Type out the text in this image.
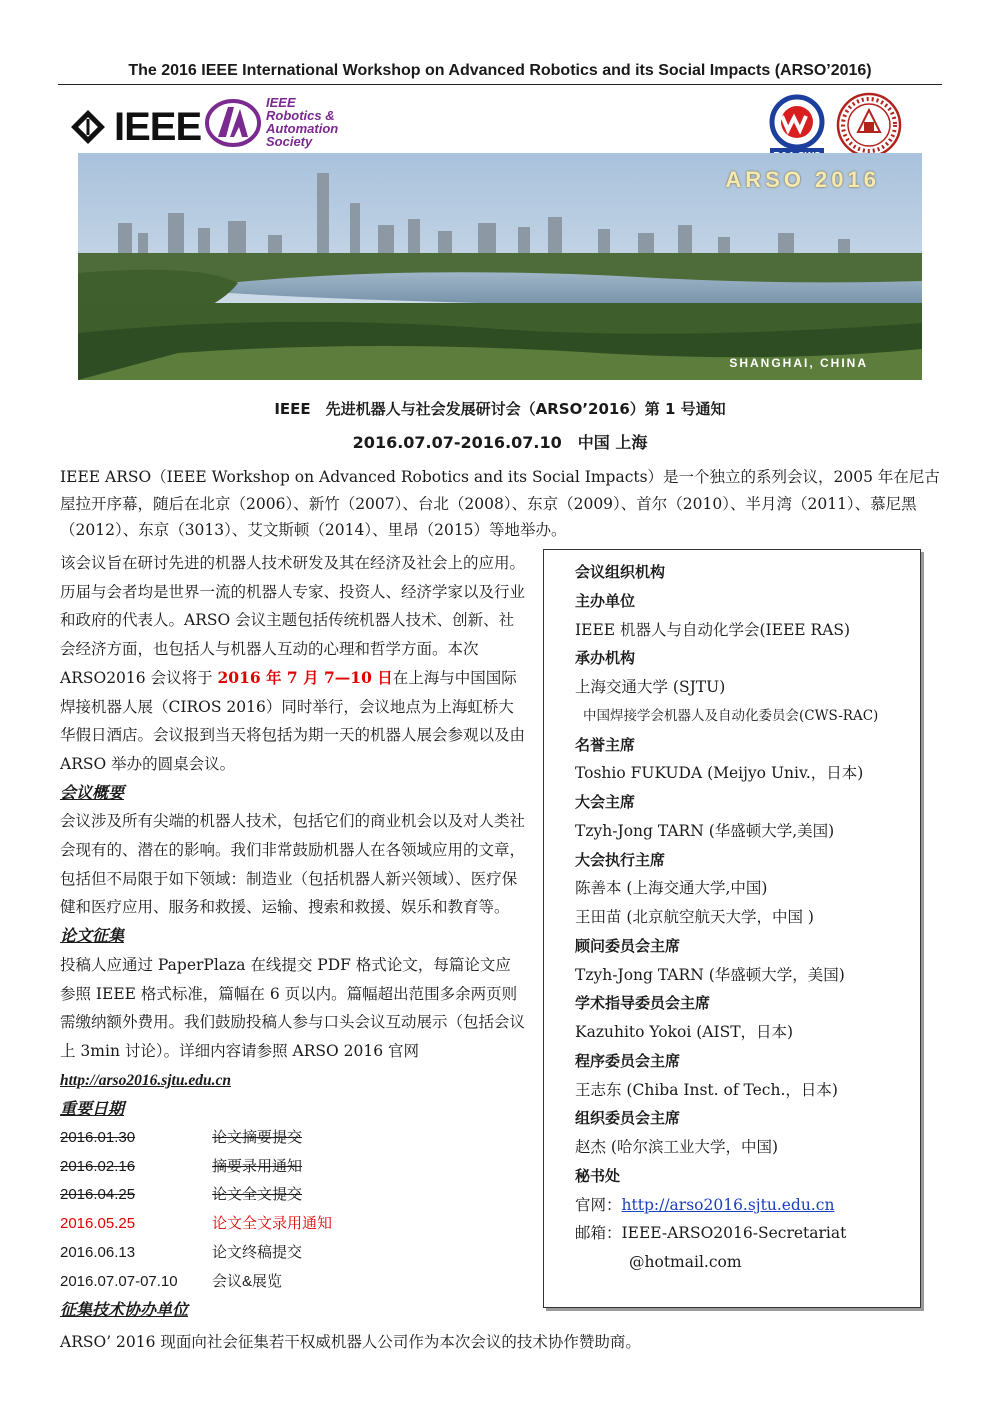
The 2016 IEEE International Workshop on Advanced Robotics and its Social Impacts (ARSO’2016)
IEEE
IEEE
Robotics &
Automation
Society
ARSO 2016
SHANGHAI, CHINA
IEEE　先进机器人与社会发展研讨会（ARSO’2016）第 1 号通知
2016.07.07-2016.07.10　中国 上海
IEEE ARSO（IEEE Workshop on Advanced Robotics and its Social Impacts）是一个独立的系列会议，2005 年在尼古屋拉开序幕，随后在北京（2006）、新竹（2007）、台北（2008）、东京（2009）、首尔（2010）、半月湾（2011）、慕尼黑（2012）、东京（3013）、艾文斯顿（2014）、里昂（2015）等地举办。

该会议旨在研讨先进的机器人技术研发及其在经济及社会上的应用。历届与会者均是世界一流的机器人专家、投资人、经济学家以及行业和政府的代表人。ARSO 会议主题包括传统机器人技术、创新、社会经济方面，也包括人与机器人互动的心理和哲学方面。本次 ARSO2016 会议将于 2016 年 7 月 7—10 日在上海与中国国际焊接机器人展（CIROS 2016）同时举行，会议地点为上海虹桥大华假日酒店。会议报到当天将包括为期一天的机器人展会参观以及由 ARSO 举办的圆桌会议。

会议概要

会议涉及所有尖端的机器人技术，包括它们的商业机会以及对人类社会现有的、潜在的影响。我们非常鼓励机器人在各领域应用的文章，包括但不局限于如下领域：制造业（包括机器人新兴领域）、医疗保健和医疗应用、服务和救援、运输、搜索和救援、娱乐和教育等。

论文征集

投稿人应通过 PaperPlaza 在线提交 PDF 格式论文，每篇论文应参照 IEEE 格式标准，篇幅在 6 页以内。篇幅超出范围多余两页则需缴纳额外费用。我们鼓励投稿人参与口头会议互动展示（包括会议上 3min 讨论）。详细内容请参照 ARSO 2016 官网 http://arso2016.sjtu.edu.cn

重要日期

2016.01.30	论文摘要提交
2016.02.16	摘要录用通知
2016.04.25	论文全文提交
2016.05.25	论文全文录用通知
2016.06.13	论文终稿提交
2016.07.07-07.10	会议&展览

征集技术协办单位

ARSO’ 2016 现面向社会征集若干权威机器人公司作为本次会议的技术协作赞助商。
会议组织机构
主办单位
IEEE 机器人与自动化学会(IEEE RAS)
承办机构
上海交通大学 (SJTU)
中国焊接学会机器人及自动化委员会(CWS-RAC)
名誉主席
Toshio FUKUDA (Meijyo Univ.，日本)
大会主席
Tzyh-Jong TARN (华盛顿大学,美国)
大会执行主席
陈善本 (上海交通大学,中国)
王田苗 (北京航空航天大学，中国 )
顾问委员会主席
Tzyh-Jong TARN (华盛顿大学，美国)
学术指导委员会主席
Kazuhito Yokoi (AIST，日本)
程序委员会主席
王志东 (Chiba Inst. of Tech.，日本)
组织委员会主席
赵杰 (哈尔滨工业大学，中国)
秘书处
官网：http://arso2016.sjtu.edu.cn
邮箱：IEEE-ARSO2016-Secretariat
@hotmail.com
